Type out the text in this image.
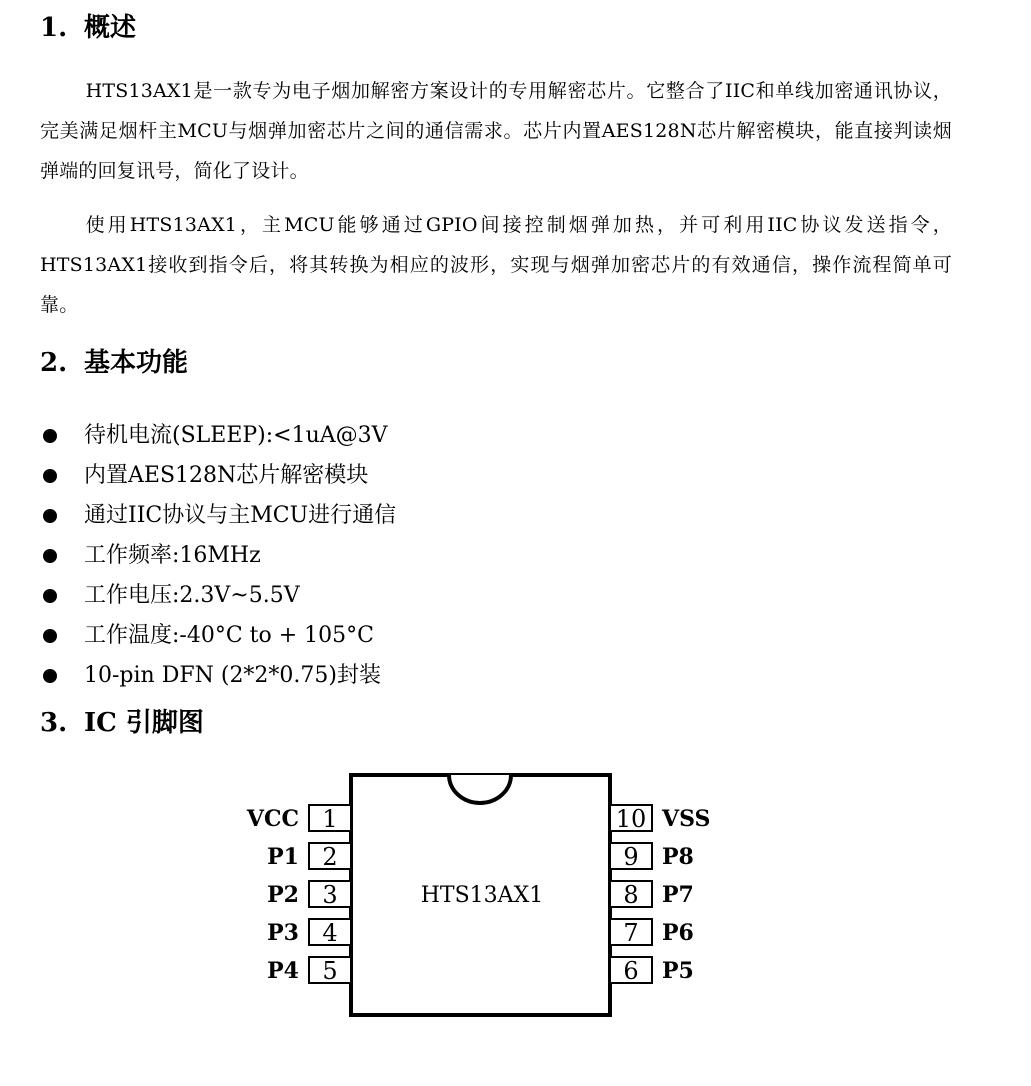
1. 概述

HTS13AX1是一款专为电子烟加解密方案设计的专用解密芯片。它整合了IIC和单线加密通讯协议，完美满足烟杆主MCU与烟弹加密芯片之间的通信需求。芯片内置AES128N芯片解密模块，能直接判读烟弹端的回复讯号，简化了设计。

使用HTS13AX1，主MCU能够通过GPIO间接控制烟弹加热，并可利用IIC协议发送指令，HTS13AX1接收到指令后，将其转换为相应的波形，实现与烟弹加密芯片的有效通信，操作流程简单可靠。

2. 基本功能
待机电流(SLEEP):<1uA@3V
内置AES128N芯片解密模块
通过IIC协议与主MCU进行通信
工作频率:16MHz
工作电压:2.3V~5.5V
工作温度:-40°C to + 105°C
10-pin DFN (2*2*0.75)封装
3. IC 引脚图
HTS13AX1
1
VCC
2
P1
3
P2
4
P3
5
P4
10 VSS
9 P8
8 P7
7 P6
6 P5
